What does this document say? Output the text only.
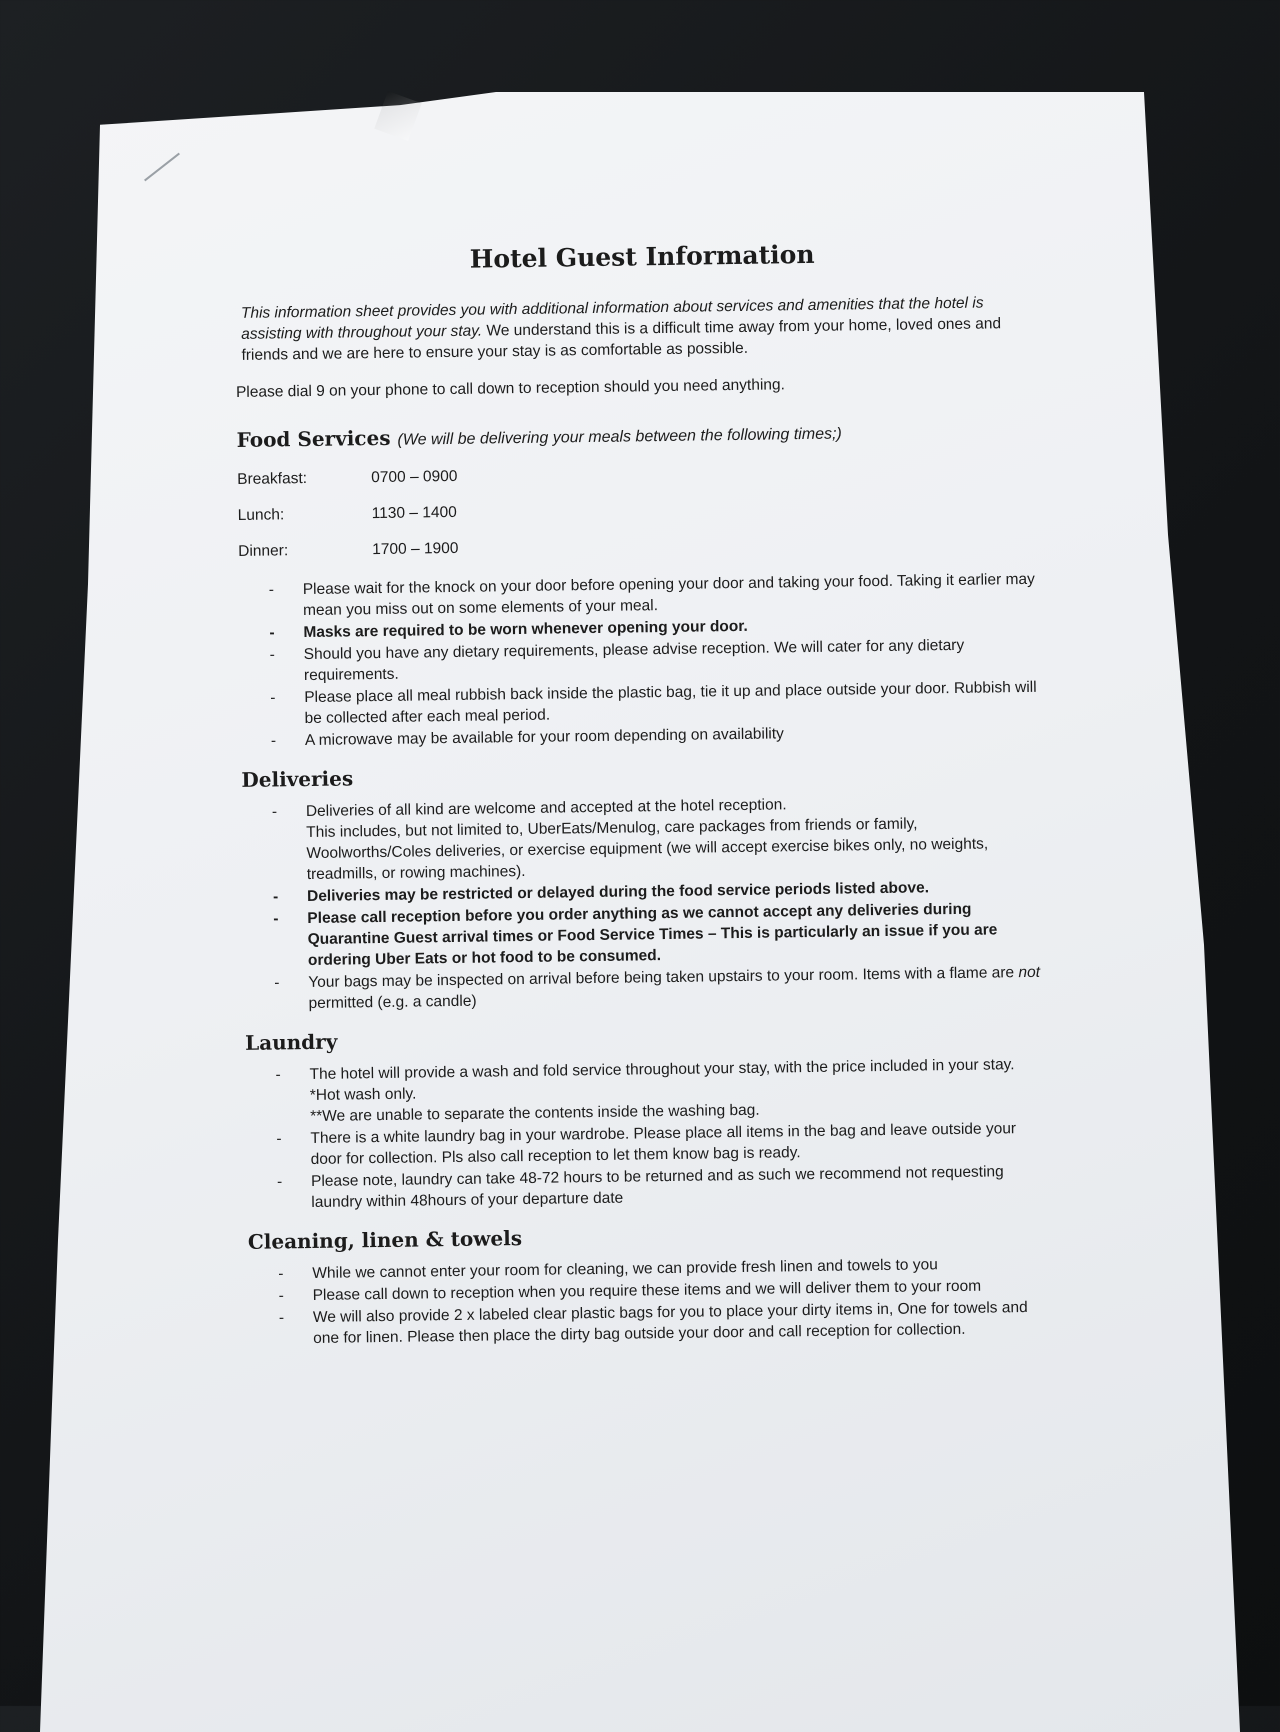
Hotel Guest Information
This information sheet provides you with additional information about services and amenities that the hotel is assisting with throughout your stay. We understand this is a difficult time away from your home, loved ones and friends and we are here to ensure your stay is as comfortable as possible.
Please dial 9 on your phone to call down to reception should you need anything.
Food Services (We will be delivering your meals between the following times;)
Breakfast:	0700 – 0900
Lunch:	1130 – 1400
Dinner:	1700 – 1900
- Please wait for the knock on your door before opening your door and taking your food. Taking it earlier may mean you miss out on some elements of your meal.
- Masks are required to be worn whenever opening your door.
- Should you have any dietary requirements, please advise reception. We will cater for any dietary requirements.
- Please place all meal rubbish back inside the plastic bag, tie it up and place outside your door. Rubbish will be collected after each meal period.
- A microwave may be available for your room depending on availability
Deliveries
- Deliveries of all kind are welcome and accepted at the hotel reception.
This includes, but not limited to, UberEats/Menulog, care packages from friends or family, Woolworths/Coles deliveries, or exercise equipment (we will accept exercise bikes only, no weights, treadmills, or rowing machines).
- Deliveries may be restricted or delayed during the food service periods listed above.
- Please call reception before you order anything as we cannot accept any deliveries during Quarantine Guest arrival times or Food Service Times – This is particularly an issue if you are ordering Uber Eats or hot food to be consumed.
- Your bags may be inspected on arrival before being taken upstairs to your room. Items with a flame are not permitted (e.g. a candle)
Laundry
- The hotel will provide a wash and fold service throughout your stay, with the price included in your stay.
*Hot wash only.
**We are unable to separate the contents inside the washing bag.
- There is a white laundry bag in your wardrobe. Please place all items in the bag and leave outside your door for collection. Pls also call reception to let them know bag is ready.
- Please note, laundry can take 48-72 hours to be returned and as such we recommend not requesting laundry within 48hours of your departure date
Cleaning, linen & towels
- While we cannot enter your room for cleaning, we can provide fresh linen and towels to you
- Please call down to reception when you require these items and we will deliver them to your room
- We will also provide 2 x labeled clear plastic bags for you to place your dirty items in, One for towels and one for linen. Please then place the dirty bag outside your door and call reception for collection.
